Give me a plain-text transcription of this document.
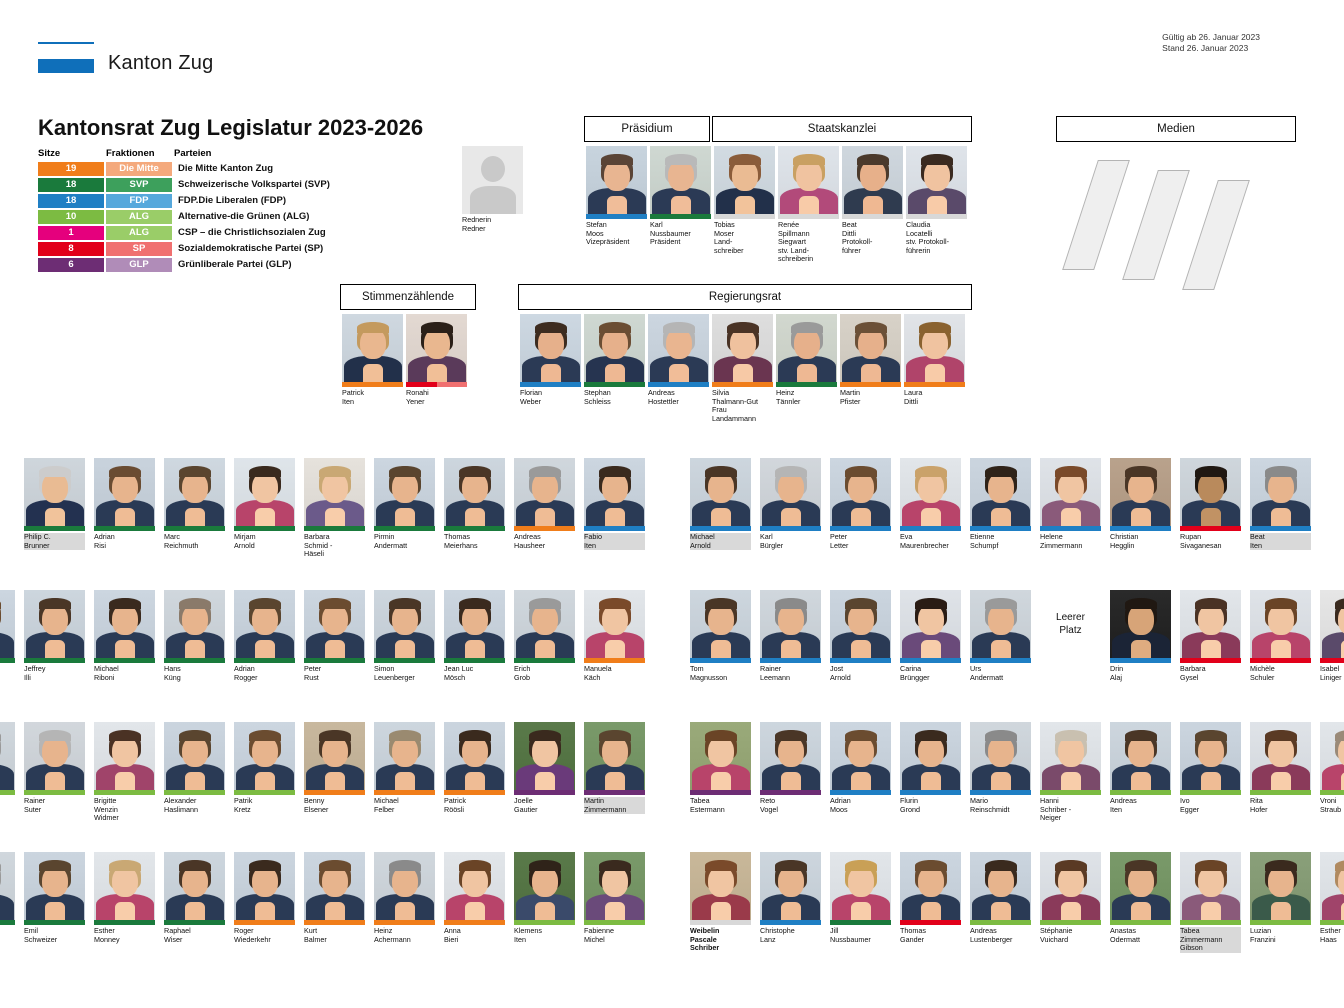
Kanton Zug
Gültig ab 26. Januar 2023
Stand 26. Januar 2023
Kantonsrat Zug Legislatur 2023-2026
Sitze	Fraktionen	Parteien
19	Die Mitte	Die Mitte Kanton Zug
18	SVP	Schweizerische Volkspartei (SVP)
18	FDP	FDP.Die Liberalen (FDP)
10	ALG	Alternative-die Grünen (ALG)
1	ALG	CSP – die Christlichsozialen Zug
8	SP	Sozialdemokratische Partei (SP)
6	GLP	Grünliberale Partei (GLP)
Präsidium	Staatskanzlei	Medien
Stimmenzählende	Regierungsrat
Rednerin
Redner	Stefan
Moos
Vizepräsident
Karl
Nussbaumer
Präsident
Tobias
Moser
Land-
schreiber
Renée
Spillmann
Siegwart
stv. Land-
schreiberin
Beat
Dittli
Protokoll-
führer
Claudia
Locatelli
stv. Protokoll-
führerin
Patrick
Iten
Ronahi
Yener
Florian
Weber
Stephan
Schleiss
Andreas
Hostettler
Silvia
Thalmann-Gut
Frau
Landammann
Heinz
Tännler
Martin
Pfister
Laura
Dittli
Philip C.
Brunner
Adrian
Risi
Marc
Reichmuth
Mirjam
Arnold
Barbara
Schmid -
Häseli
Pirmin
Andermatt
Thomas
Meierhans
Andreas
Hausheer
Fabio
Iten
Michael
Arnold
Karl
Bürgler
Peter
Letter
Eva
Maurenbrecher
Etienne
Schumpf
Helene
Zimmermann
Christian
Hegglin
Rupan
Sivaganesan
Beat
Iten

Jeffrey
Illi
Michael
Riboni
Hans
Küng
Adrian
Rogger
Peter
Rust
Simon
Leuenberger
Jean Luc
Mösch
Erich
Grob
Manuela
Käch
Tom
Magnusson
Rainer
Leemann
Jost
Arnold
Carina
Brüngger
Urs
Andermatt
Leerer
Platz
Drin
Alaj
Barbara
Gysel
Michèle
Schuler
Isabel
Liniger

Rainer
Suter
Brigitte
Wenzin
Widmer
Alexander
Haslimann
Patrik
Kretz
Benny
Elsener
Michael
Felber
Patrick
Röösli
Joelle
Gautier
Martin
Zimmermann
Tabea
Estermann
Reto
Vogel
Adrian
Moos
Flurin
Grond
Mario
Reinschmidt
Hanni
Schriber -
Neiger
Andreas
Iten
Ivo
Egger
Rita
Hofer
Vroni
Straub

Emil
Schweizer
Esther
Monney
Raphael
Wiser
Roger
Wiederkehr
Kurt
Balmer
Heinz
Achermann
Anna
Bieri
Klemens
Iten
Fabienne
Michel
Weibelin
Pascale
Schriber
Christophe
Lanz
Jill
Nussbaumer
Thomas
Gander
Andreas
Lustenberger
Stéphanie
Vuichard
Anastas
Odermatt
Tabea
Zimmermann
Gibson
Luzian
Franzini
Esther
Haas
